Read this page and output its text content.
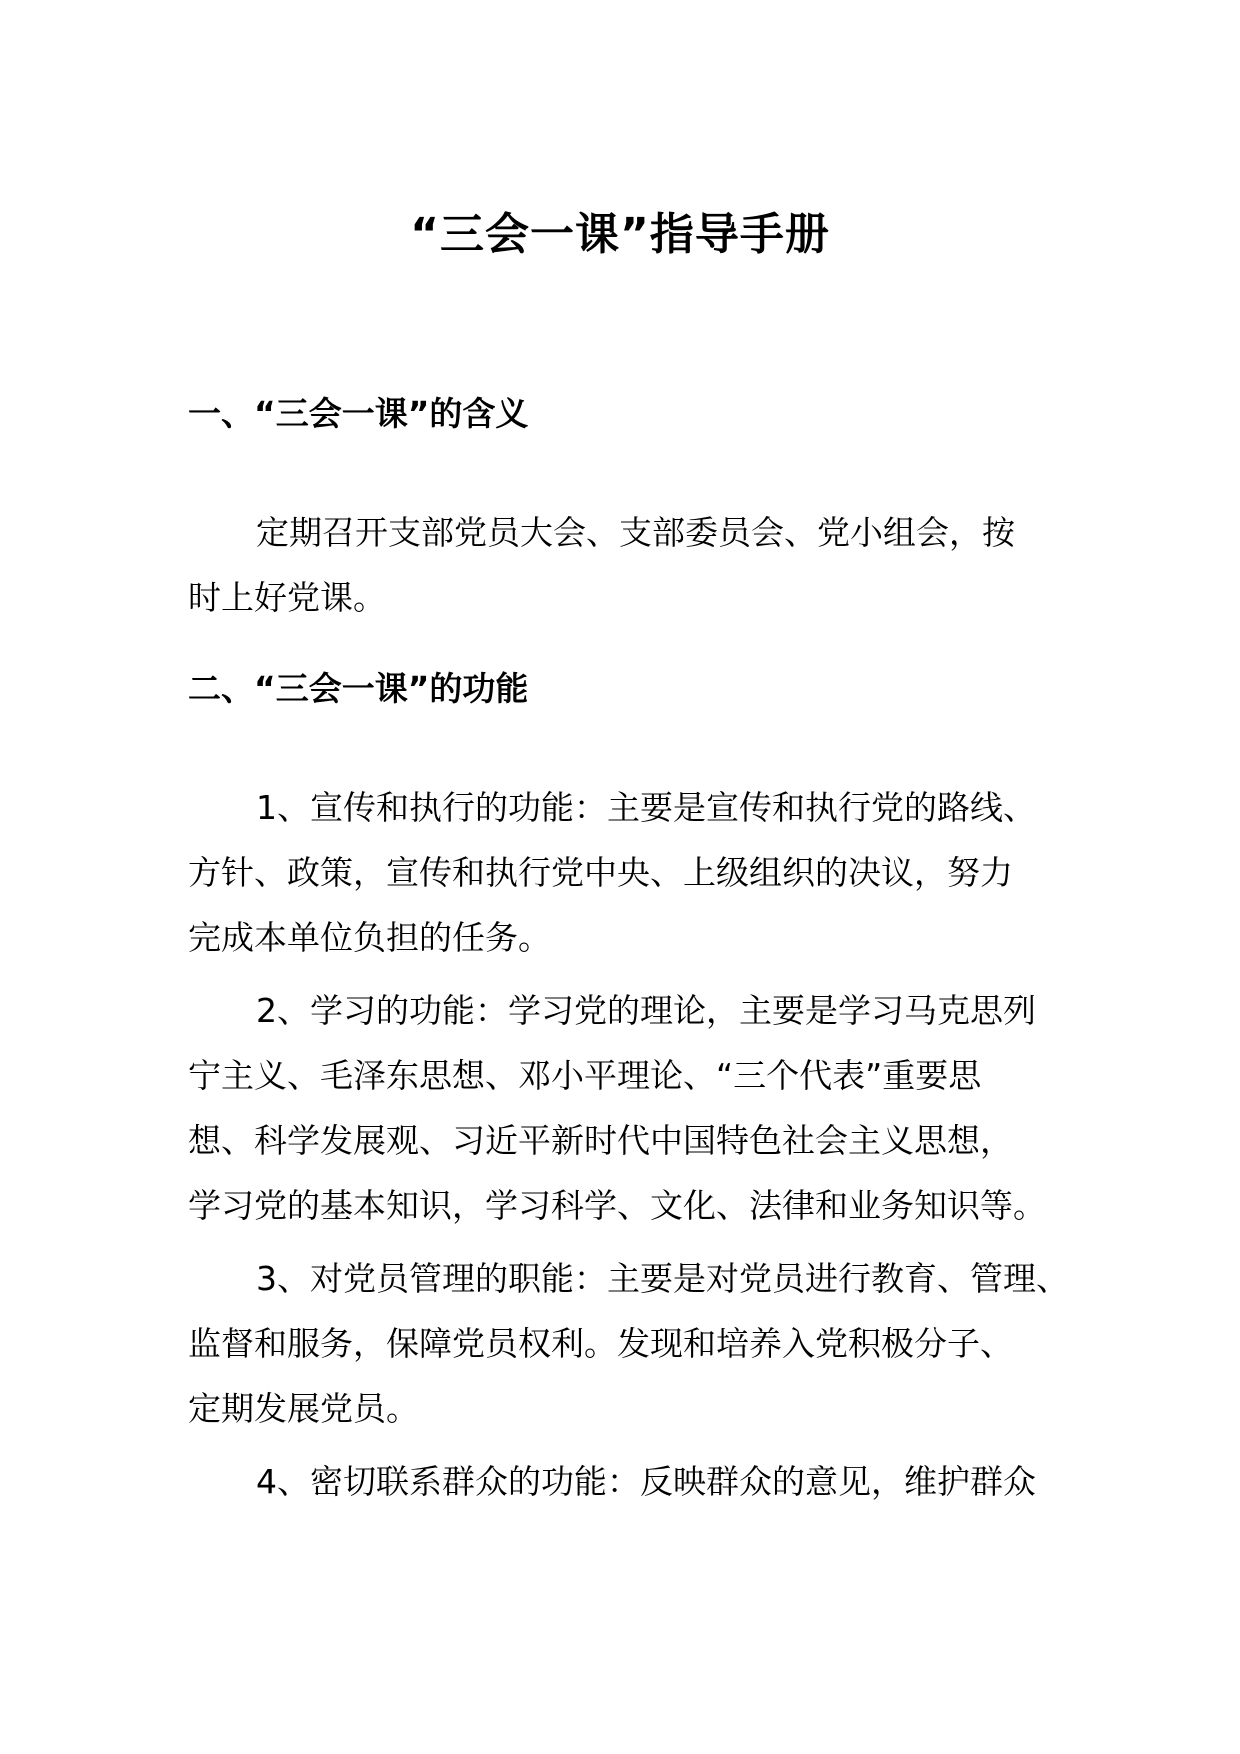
“三会一课”指导手册
一、“三会一课”的含义
定期召开支部党员大会、支部委员会、党小组会，按
时上好党课。
二、“三会一课”的功能
1、宣传和执行的功能：主要是宣传和执行党的路线、
方针、政策，宣传和执行党中央、上级组织的决议，努力
完成本单位负担的任务。
2、学习的功能：学习党的理论，主要是学习马克思列
宁主义、毛泽东思想、邓小平理论、“三个代表”重要思
想、科学发展观、习近平新时代中国特色社会主义思想，
学习党的基本知识，学习科学、文化、法律和业务知识等。
3、对党员管理的职能：主要是对党员进行教育、管理、
监督和服务，保障党员权利。发现和培养入党积极分子、
定期发展党员。
4、密切联系群众的功能：反映群众的意见，维护群众
